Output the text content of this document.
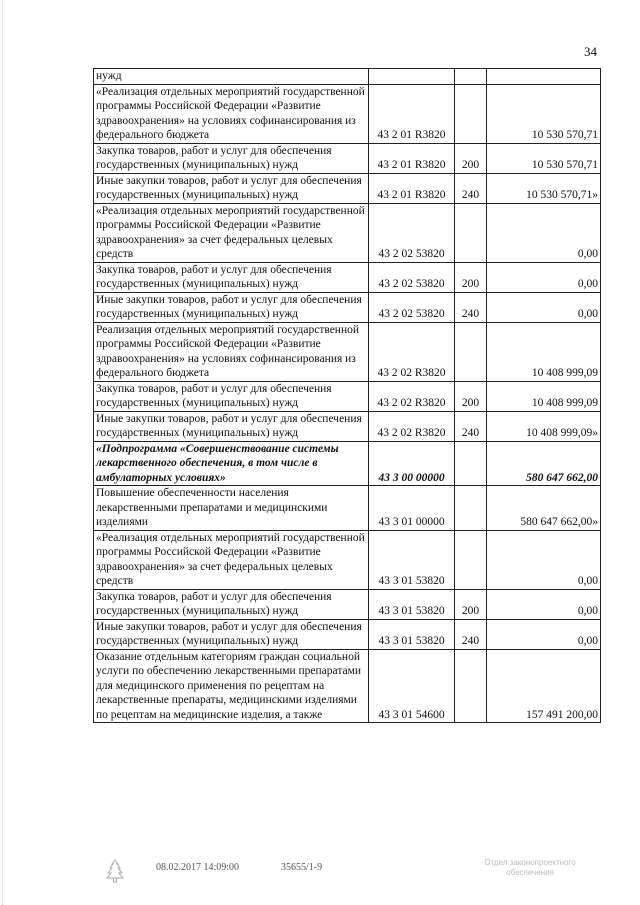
34
нужд			
«Реализация отдельных мероприятий государственной программы Российской Федерации «Развитие здравоохранения» на условиях софинансирования из федерального бюджета	43 2 01 R3820		10 530 570,71
Закупка товаров, работ и услуг для обеспечения государственных (муниципальных) нужд	43 2 01 R3820	200	10 530 570,71
Иные закупки товаров, работ и услуг для обеспечения государственных (муниципальных) нужд	43 2 01 R3820	240	10 530 570,71»
«Реализация отдельных мероприятий государственной программы Российской Федерации «Развитие здравоохранения» за счет федеральных целевых средств	43 2 02 53820		0,00
Закупка товаров, работ и услуг для обеспечения государственных (муниципальных) нужд	43 2 02 53820	200	0,00
Иные закупки товаров, работ и услуг для обеспечения государственных (муниципальных) нужд	43 2 02 53820	240	0,00
Реализация отдельных мероприятий государственной программы Российской Федерации «Развитие здравоохранения» на условиях софинансирования из федерального бюджета	43 2 02 R3820		10 408 999,09
Закупка товаров, работ и услуг для обеспечения государственных (муниципальных) нужд	43 2 02 R3820	200	10 408 999,09
Иные закупки товаров, работ и услуг для обеспечения государственных (муниципальных) нужд	43 2 02 R3820	240	10 408 999,09»
«Подпрограмма «Совершенствование системы лекарственного обеспечения, в том числе в амбулаторных условиях»	43 3 00 00000		580 647 662,00
Повышение обеспеченности населения лекарственными препаратами и медицинскими изделиями	43 3 01 00000		580 647 662,00»
«Реализация отдельных мероприятий государственной программы Российской Федерации «Развитие здравоохранения» за счет федеральных целевых средств	43 3 01 53820		0,00
Закупка товаров, работ и услуг для обеспечения государственных (муниципальных) нужд	43 3 01 53820	200	0,00
Иные закупки товаров, работ и услуг для обеспечения государственных (муниципальных) нужд	43 3 01 53820	240	0,00
Оказание отдельным категориям граждан социальной услуги по обеспечению лекарственными препаратами для медицинского применения по рецептам на лекарственные препараты, медицинскими изделиями по рецептам на медицинские изделия, а также	43 3 01 54600		157 491 200,00
08.02.2017 14:09:00	35655/1-9	Отдел законопроектного
обеспечения
